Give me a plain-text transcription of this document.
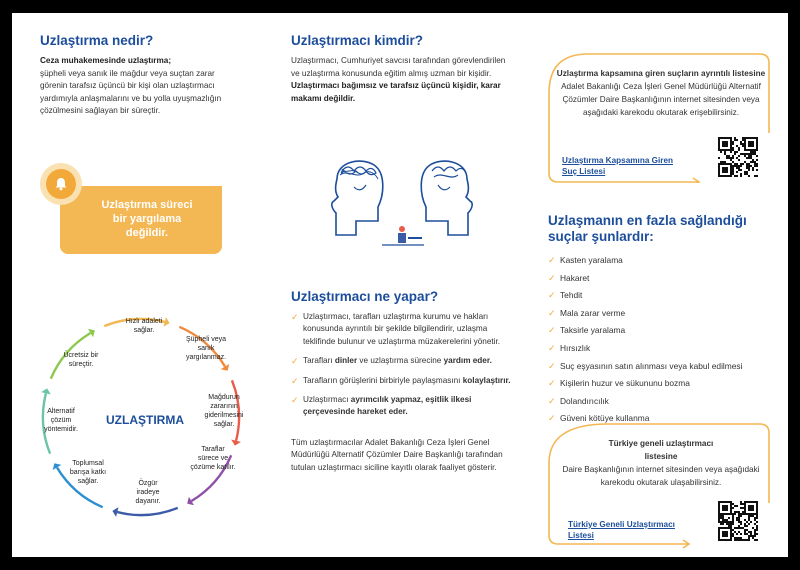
Uzlaştırma nedir?

Ceza muhakemesinde uzlaştırma;
şüpheli veya sanık ile mağdur veya suçtan zarar görenin tarafsız üçüncü bir kişi olan uzlaştırmacı yardımıyla anlaşmalarını ve bu yolla uyuşmazlığın çözülmesini sağlayan bir süreçtir.

Uzlaştırma süreci bir yargılama değildir.
UZLAŞTIRMA
Hızlı adaleti sağlar.
Şüpheli veya sanık yargılanmaz.
Mağdurun zararının giderilmesini sağlar.
Taraflar sürece ve çözüme katılır.
Özgür iradeye dayanır.
Toplumsal barışa katkı sağlar.
Alternatif çözüm yöntemidir.
Ücretsiz bir süreçtir.
Uzlaştırmacı kimdir?

Uzlaştırmacı, Cumhuriyet savcısı tarafından görevlendirilen ve uzlaştırma konusunda eğitim almış uzman bir kişidir. Uzlaştırmacı bağımsız ve tarafsız üçüncü kişidir, karar makamı değildir.

Uzlaştırmacı ne yapar?
✓ Uzlaştırmacı, tarafları uzlaştırma kurumu ve hakları konusunda ayrıntılı bir şekilde bilgilendirir, uzlaşma teklifinde bulunur ve uzlaştırma müzakerelerini yönetir.
✓ Tarafları dinler ve uzlaştırma sürecine yardım eder.
✓ Tarafların görüşlerini birbiriyle paylaşmasını kolaylaştırır.
✓ Uzlaştırmacı ayrımcılık yapmaz, eşitlik ilkesi çerçevesinde hareket eder.

Tüm uzlaştırmacılar Adalet Bakanlığı Ceza İşleri Genel Müdürlüğü Alternatif Çözümler Daire Başkanlığı tarafından tutulan uzlaştırmacı siciline kayıtlı olarak faaliyet gösterir.

Uzlaştırma kapsamına giren suçların ayrıntılı listesine Adalet Bakanlığı Ceza İşleri Genel Müdürlüğü Alternatif Çözümler Daire Başkanlığının internet sitesinden veya aşağıdaki karekodu okutarak erişebilirsiniz.
Uzlaştırma Kapsamına Giren Suç Listesi
Uzlaşmanın en fazla sağlandığı suçlar şunlardır:
✓ Kasten yaralama
✓ Hakaret
✓ Tehdit
✓ Mala zarar verme
✓ Taksirle yaralama
✓ Hırsızlık
✓ Suç eşyasının satın alınması veya kabul edilmesi
✓ Kişilerin huzur ve sükununu bozma
✓ Dolandırıcılık
✓ Güveni kötüye kullanma
Türkiye geneli uzlaştırmacı listesine
Daire Başkanlığının internet sitesinden veya aşağıdaki karekodu okutarak ulaşabilirsiniz.
Türkiye Geneli Uzlaştırmacı Listesi
